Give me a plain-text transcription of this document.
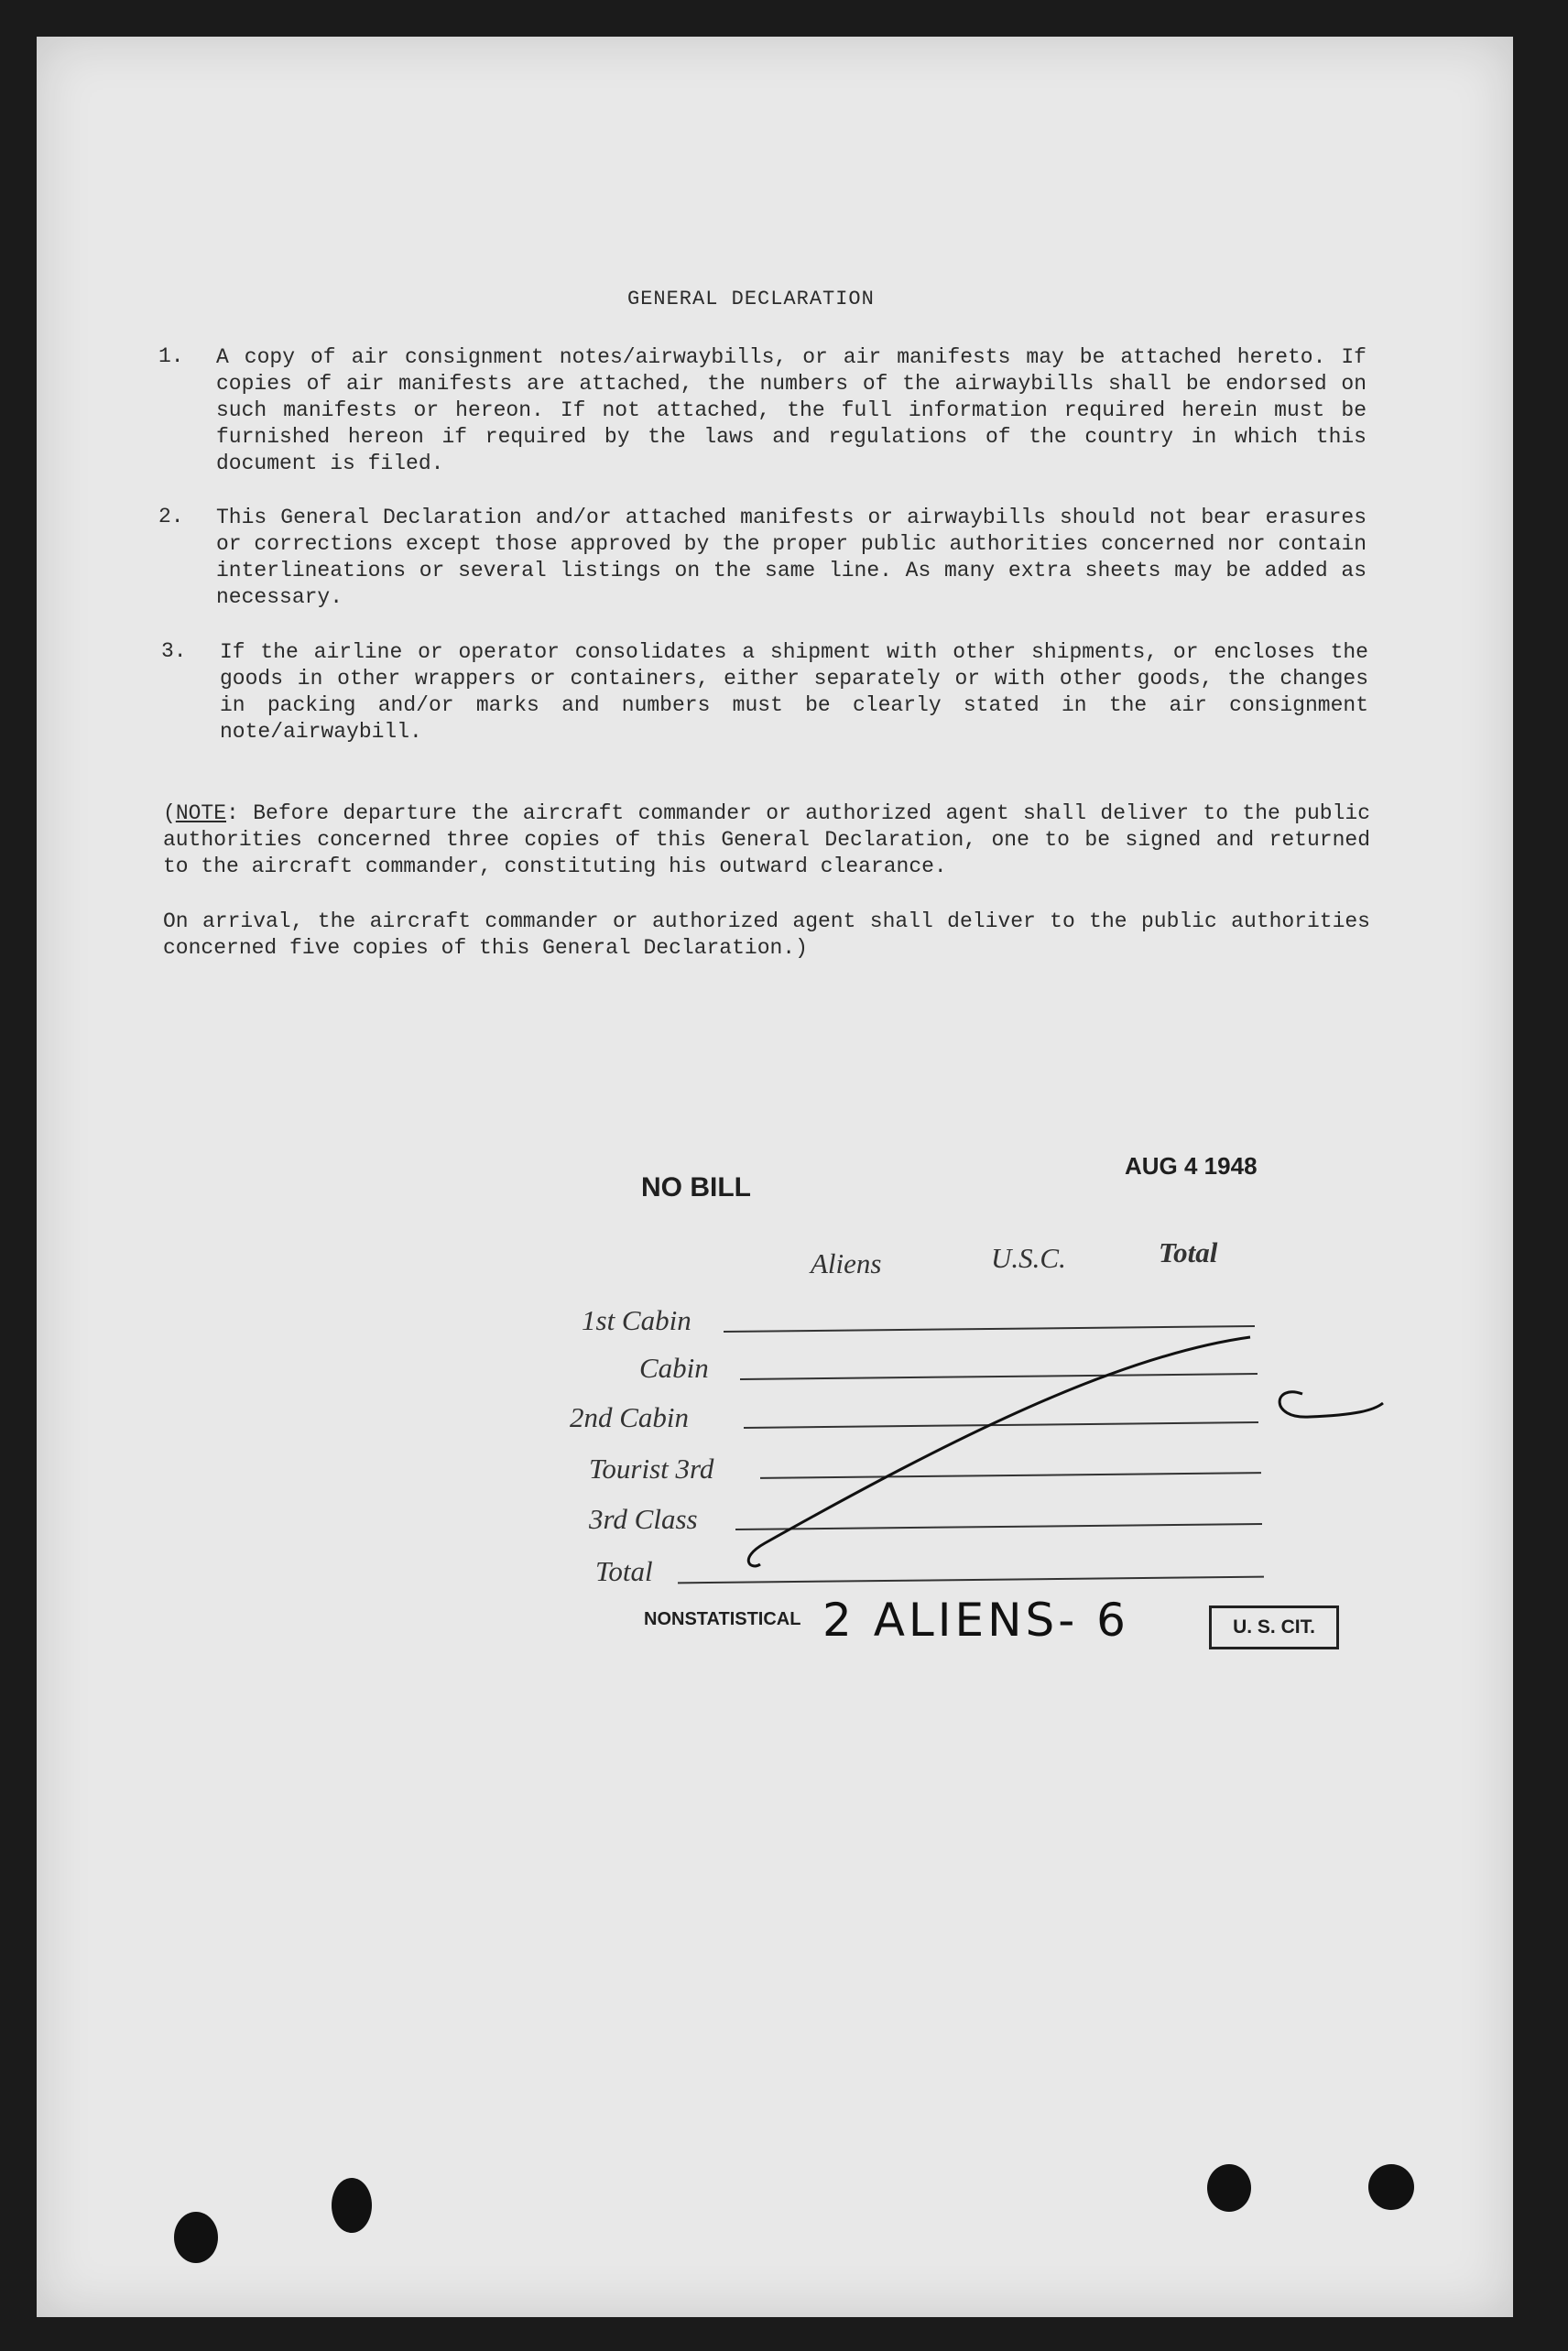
GENERAL DECLARATION
1. A copy of air consignment notes/airwaybills, or air manifests may be attached hereto. If copies of air manifests are attached, the numbers of the airwaybills shall be endorsed on such manifests or hereon. If not attached, the full information required herein must be furnished hereon if required by the laws and regulations of the country in which this document is filed.
2. This General Declaration and/or attached manifests or airwaybills should not bear erasures or corrections except those approved by the proper public authorities concerned nor contain interlineations or several listings on the same line. As many extra sheets may be added as necessary.
3. If the airline or operator consolidates a shipment with other shipments, or encloses the goods in other wrappers or containers, either separately or with other goods, the changes in packing and/or marks and numbers must be clearly stated in the air consignment note/airwaybill.
(NOTE: Before departure the aircraft commander or authorized agent shall deliver to the public authorities concerned three copies of this General Declaration, one to be signed and returned to the aircraft commander, constituting his outward clearance.
On arrival, the aircraft commander or authorized agent shall deliver to the public authorities concerned five copies of this General Declaration.)
NO BILL
AUG 4 1948
Aliens	U.S.C.	Total
1st Cabin
Cabin
2nd Cabin
Tourist 3rd
3rd Class
Total
NONSTATISTICAL 2 ALIENS- 6	U. S. CIT.
